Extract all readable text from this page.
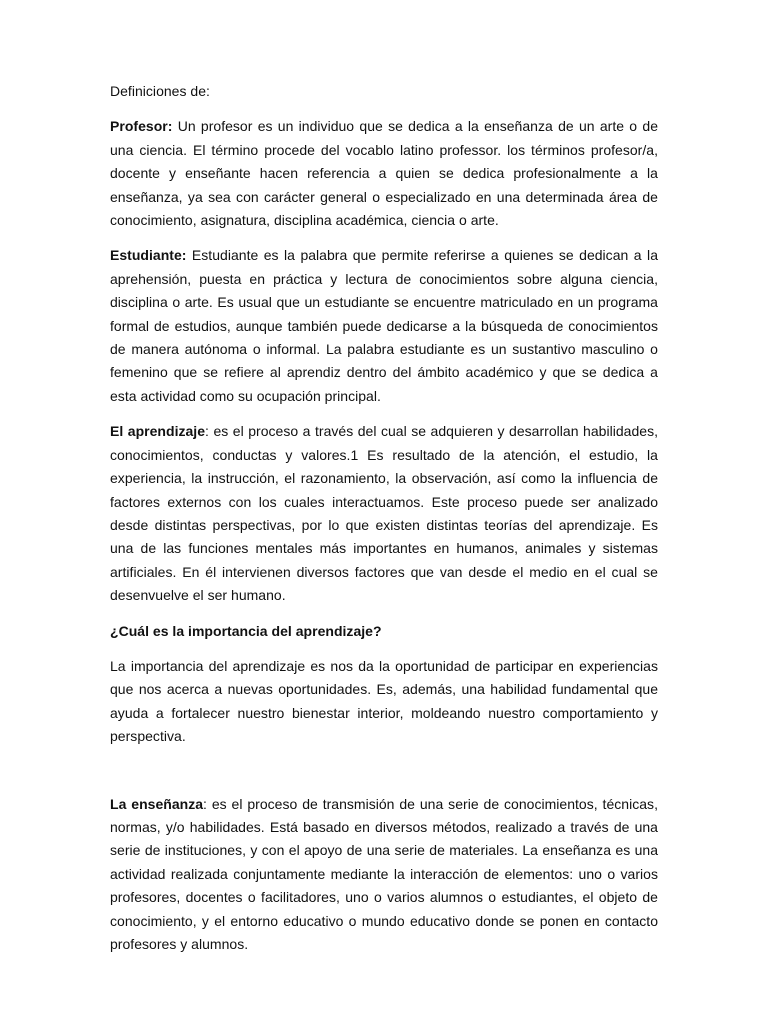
Definiciones de:

Profesor: Un profesor es un individuo que se dedica a la enseñanza de un arte o de una ciencia. El término procede del vocablo latino professor. los términos profesor/a, docente y enseñante hacen referencia a quien se dedica profesionalmente a la enseñanza, ya sea con carácter general o especializado en una determinada área de conocimiento, asignatura, disciplina académica, ciencia o arte.

Estudiante: Estudiante es la palabra que permite referirse a quienes se dedican a la aprehensión, puesta en práctica y lectura de conocimientos sobre alguna ciencia, disciplina o arte. Es usual que un estudiante se encuentre matriculado en un programa formal de estudios, aunque también puede dedicarse a la búsqueda de conocimientos de manera autónoma o informal. La palabra estudiante es un sustantivo masculino o femenino que se refiere al aprendiz dentro del ámbito académico y que se dedica a esta actividad como su ocupación principal.

El aprendizaje: es el proceso a través del cual se adquieren y desarrollan habilidades, conocimientos, conductas y valores.1 Es resultado de la atención, el estudio, la experiencia, la instrucción, el razonamiento, la observación, así como la influencia de factores externos con los cuales interactuamos. Este proceso puede ser analizado desde distintas perspectivas, por lo que existen distintas teorías del aprendizaje. Es una de las funciones mentales más importantes en humanos, animales y sistemas artificiales. En él intervienen diversos factores que van desde el medio en el cual se desenvuelve el ser humano.

¿Cuál es la importancia del aprendizaje?

La importancia del aprendizaje es nos da la oportunidad de participar en experiencias que nos acerca a nuevas oportunidades. Es, además, una habilidad fundamental que ayuda a fortalecer nuestro bienestar interior, moldeando nuestro comportamiento y perspectiva.

La enseñanza: es el proceso de transmisión de una serie de conocimientos, técnicas, normas, y/o habilidades. Está basado en diversos métodos, realizado a través de una serie de instituciones, y con el apoyo de una serie de materiales. La enseñanza es una actividad realizada conjuntamente mediante la interacción de elementos: uno o varios profesores, docentes o facilitadores, uno o varios alumnos o estudiantes, el objeto de conocimiento, y el entorno educativo o mundo educativo donde se ponen en contacto profesores y alumnos.
